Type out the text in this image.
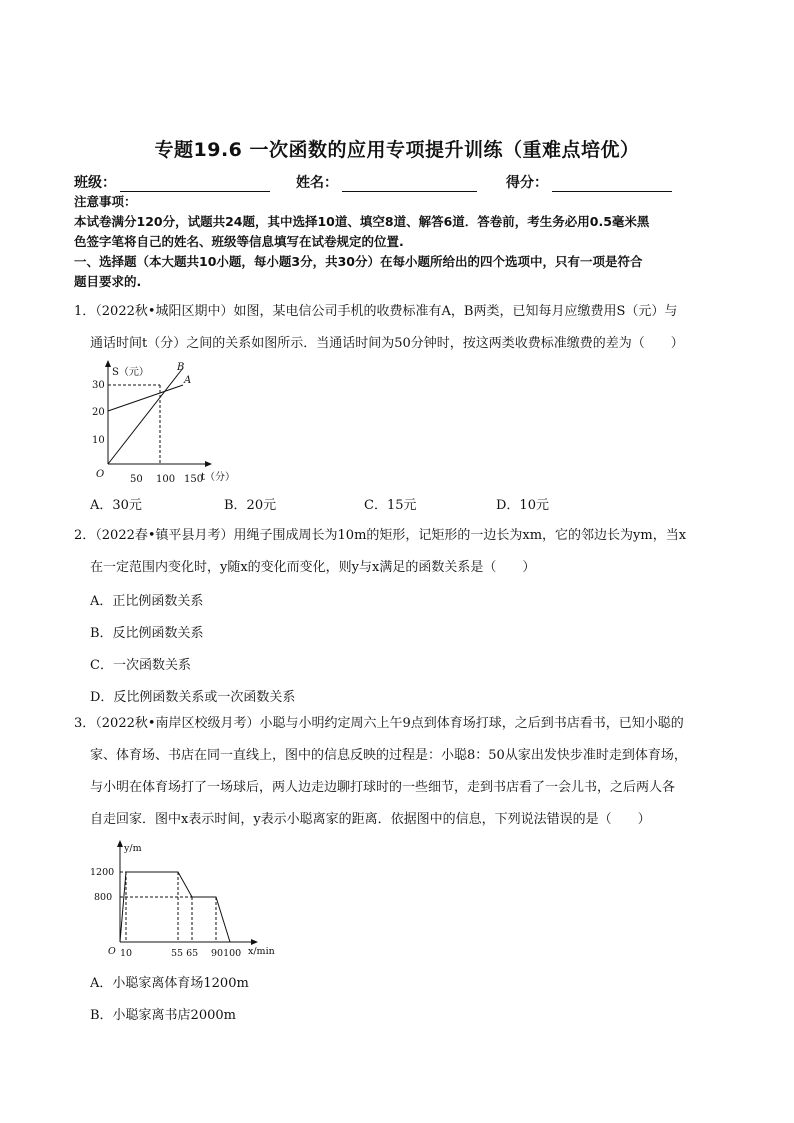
专题19.6 一次函数的应用专项提升训练（重难点培优）
班级：	姓名：	得分：
注意事项：
本试卷满分120分，试题共24题，其中选择10道、填空8道、解答6道．答卷前，考生务必用0.5毫米黑
色签字笔将自己的姓名、班级等信息填写在试卷规定的位置.
一、选择题（本大题共10小题，每小题3分，共30分）在每小题所给出的四个选项中，只有一项是符合
题目要求的.
1．（2022秋•城阳区期中）如图，某电信公司手机的收费标准有A，B两类，已知每月应缴费用S（元）与
通话时间t（分）之间的关系如图所示．当通话时间为50分钟时，按这两类收费标准缴费的差为（　　）
S（元）
30
20
10
O	50 100 150
t（分）
B
A
A．30元	B．20元	C．15元	D．10元
2．（2022春•镇平县月考）用绳子围成周长为10m的矩形，记矩形的一边长为xm，它的邻边长为ym，当x
在一定范围内变化时，y随x的变化而变化，则y与x满足的函数关系是（　　）
A．正比例函数关系
B．反比例函数关系
C．一次函数关系
D．反比例函数关系或一次函数关系
3．（2022秋•南岸区校级月考）小聪与小明约定周六上午9点到体育场打球，之后到书店看书，已知小聪的
家、体育场、书店在同一直线上，图中的信息反映的过程是：小聪8：50从家出发快步准时走到体育场，
与小明在体育场打了一场球后，两人边走边聊打球时的一些细节，走到书店看了一会儿书，之后两人各
自走回家．图中x表示时间，y表示小聪离家的距离．依据图中的信息，下列说法错误的是（　　）
y/m
1200
800
O 10	55 65 90100 x/min
A．小聪家离体育场1200m
B．小聪家离书店2000m
